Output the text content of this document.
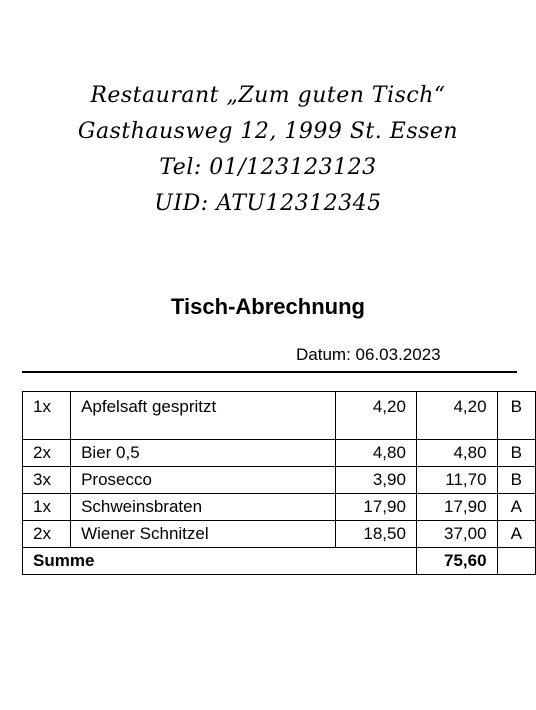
Restaurant „Zum guten Tisch“
Gasthausweg 12, 1999 St. Essen
Tel: 01/123123123
UID: ATU12312345
Tisch-Abrechnung
Datum: 06.03.2023
1x	Apfelsaft gespritzt	4,20	4,20	B
2x	Bier 0,5	4,80	4,80	B
3x	Prosecco	3,90	11,70	B
1x	Schweinsbraten	17,90	17,90	A
2x	Wiener Schnitzel	18,50	37,00	A
Summe			75,60	
